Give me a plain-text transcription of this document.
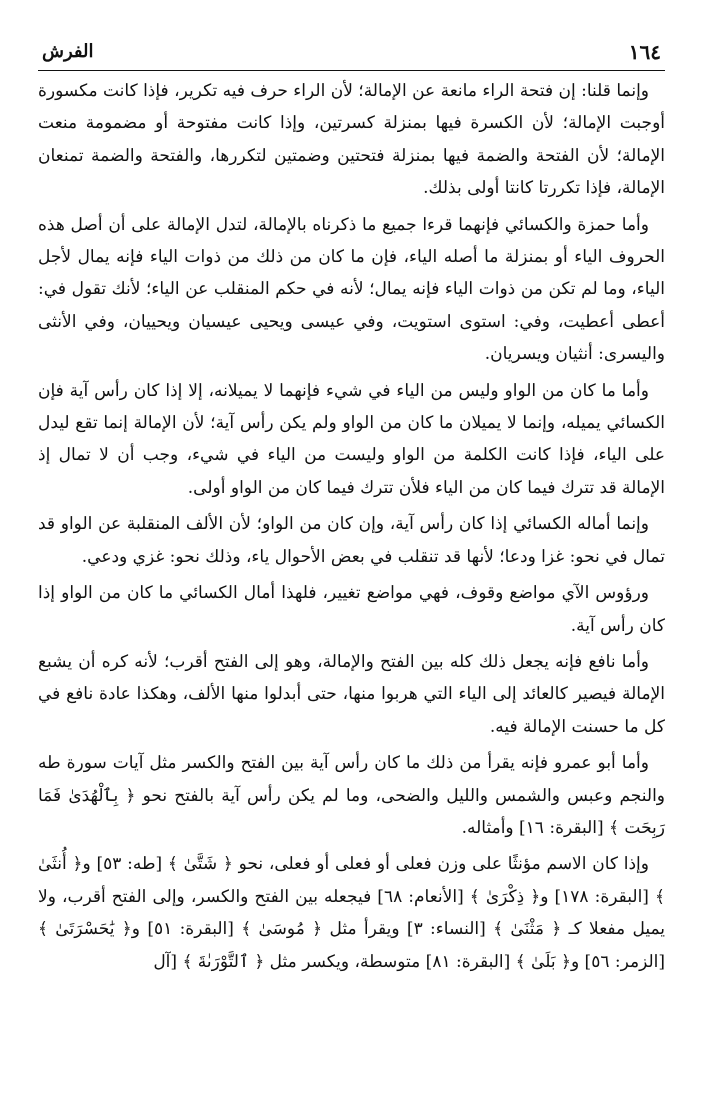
١٦٤
الفرش

وإنما قلنا: إن فتحة الراء مانعة عن الإمالة؛ لأن الراء حرف فيه تكرير، فإذا كانت مكسورة أوجبت الإمالة؛ لأن الكسرة فيها بمنزلة كسرتين، وإذا كانت مفتوحة أو مضمومة منعت الإمالة؛ لأن الفتحة والضمة فيها بمنزلة فتحتين وضمتين لتكررها، والفتحة والضمة تمنعان الإمالة، فإذا تكررتا كانتا أولى بذلك.

وأما حمزة والكسائي فإنهما قرءا جميع ما ذكرناه بالإمالة، لتدل الإمالة على أن أصل هذه الحروف الياء أو بمنزلة ما أصله الياء، فإن ما كان من ذلك من ذوات الياء فإنه يمال لأجل الياء، وما لم تكن من ذوات الياء فإنه يمال؛ لأنه في حكم المنقلب عن الياء؛ لأنك تقول في: أعطى أعطيت، وفي: استوى استويت، وفي عيسى ويحيى عيسيان ويحييان، وفي الأنثى واليسرى: أنثيان ويسريان.

وأما ما كان من الواو وليس من الياء في شيء فإنهما لا يميلانه، إلا إذا كان رأس آية فإن الكسائي يميله، وإنما لا يميلان ما كان من الواو ولم يكن رأس آية؛ لأن الإمالة إنما تقع ليدل على الياء، فإذا كانت الكلمة من الواو وليست من الياء في شيء، وجب أن لا تمال إذ الإمالة قد تترك فيما كان من الياء فلأن تترك فيما كان من الواو أولى.

وإنما أماله الكسائي إذا كان رأس آية، وإن كان من الواو؛ لأن الألف المنقلبة عن الواو قد تمال في نحو: غزا ودعا؛ لأنها قد تنقلب في بعض الأحوال ياء، وذلك نحو: غزي ودعي.

ورؤوس الآي مواضع وقوف، فهي مواضع تغيير، فلهذا أمال الكسائي ما كان من الواو إذا كان رأس آية.

وأما نافع فإنه يجعل ذلك كله بين الفتح والإمالة، وهو إلى الفتح أقرب؛ لأنه كره أن يشبع الإمالة فيصير كالعائد إلى الياء التي هربوا منها، حتى أبدلوا منها الألف، وهكذا عادة نافع في كل ما حسنت الإمالة فيه.

وأما أبو عمرو فإنه يقرأ من ذلك ما كان رأس آية بين الفتح والكسر مثل آيات سورة طه والنجم وعبس والشمس والليل والضحى، وما لم يكن رأس آية بالفتح نحو ﴿ بِٱلْهُدَىٰ فَمَا رَبِحَت ﴾ [البقرة: ١٦] وأمثاله.

وإذا كان الاسم مؤنثًا على وزن فعلى أو فعلى أو فعلى، نحو ﴿ شَتَّىٰ ﴾ [طه: ٥٣] و﴿ أُنثَىٰ ﴾ [البقرة: ١٧٨] و﴿ ذِكْرَىٰ ﴾ [الأنعام: ٦٨] فيجعله بين الفتح والكسر، وإلى الفتح أقرب، ولا يميل مفعلا كـ ﴿ مَثْنَىٰ ﴾ [النساء: ٣] ويقرأ مثل ﴿ مُوسَىٰ ﴾ [البقرة: ٥١] و﴿ يَٰحَسْرَتَىٰ ﴾ [الزمر: ٥٦] و﴿ بَلَىٰ ﴾ [البقرة: ٨١] متوسطة، ويكسر مثل ﴿ ٱلتَّوْرَىٰةَ ﴾ [آل
